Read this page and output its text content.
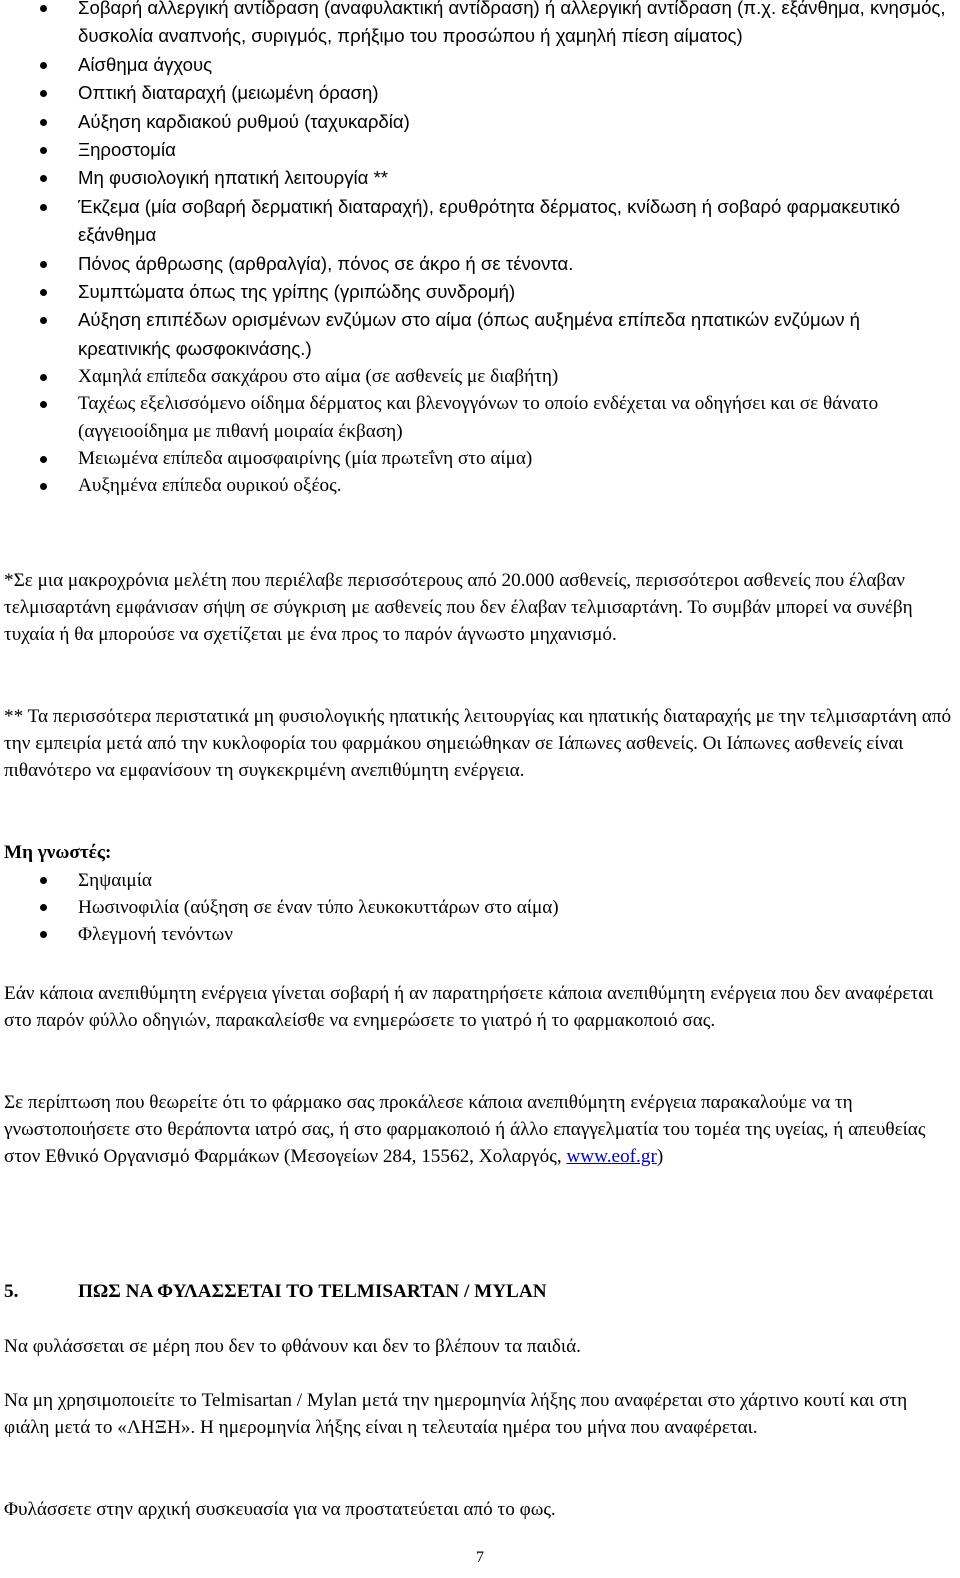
Σοβαρή αλλεργική αντίδραση (αναφυλακτική αντίδραση) ή αλλεργική αντίδραση (π.χ. εξάνθημα, κνησμός, δυσκολία αναπνοής, συριγμός, πρήξιμο του προσώπου ή χαμηλή πίεση αίματος)
Αίσθημα άγχους
Οπτική διαταραχή (μειωμένη όραση)
Αύξηση καρδιακού ρυθμού (ταχυκαρδία)
Ξηροστομία
Μη φυσιολογική ηπατική λειτουργία **
Έκζεμα (μία σοβαρή δερματική διαταραχή), ερυθρότητα δέρματος, κνίδωση ή σοβαρό φαρμακευτικό εξάνθημα
Πόνος άρθρωσης (αρθραλγία), πόνος σε άκρο ή σε τένοντα.
Συμπτώματα όπως της γρίπης (γριπώδης συνδρομή)
Αύξηση επιπέδων ορισμένων ενζύμων στο αίμα (όπως αυξημένα επίπεδα ηπατικών ενζύμων ή κρεατινικής φωσφοκινάσης.)
Χαμηλά επίπεδα σακχάρου στο αίμα (σε ασθενείς με διαβήτη)
Ταχέως εξελισσόμενο οίδημα δέρματος και βλενογγόνων το οποίο ενδέχεται να οδηγήσει και σε θάνατο (αγγειοοίδημα με πιθανή μοιραία έκβαση)
Μειωμένα επίπεδα αιμοσφαιρίνης (μία πρωτεΐνη στο αίμα)
Αυξημένα επίπεδα ουρικού οξέος.

*Σε μια μακροχρόνια μελέτη που περιέλαβε περισσότερους από 20.000 ασθενείς, περισσότεροι ασθενείς που έλαβαν τελμισαρτάνη εμφάνισαν σήψη σε σύγκριση με ασθενείς που δεν έλαβαν τελμισαρτάνη. Το συμβάν μπορεί να συνέβη τυχαία ή θα μπορούσε να σχετίζεται με ένα προς το παρόν άγνωστο μηχανισμό.

** Τα περισσότερα περιστατικά μη φυσιολογικής ηπατικής λειτουργίας και ηπατικής διαταραχής με την τελμισαρτάνη από την εμπειρία μετά από την κυκλοφορία του φαρμάκου σημειώθηκαν σε Ιάπωνες ασθενείς. Οι Ιάπωνες ασθενείς είναι πιθανότερο να εμφανίσουν τη συγκεκριμένη ανεπιθύμητη ενέργεια.

Μη γνωστές:

Σηψαιμία
Ηωσινοφιλία (αύξηση σε έναν τύπο λευκοκυττάρων στο αίμα)
Φλεγμονή τενόντων

Εάν κάποια ανεπιθύμητη ενέργεια γίνεται σοβαρή ή αν παρατηρήσετε κάποια ανεπιθύμητη ενέργεια που δεν αναφέρεται στο παρόν φύλλο οδηγιών, παρακαλείσθε να ενημερώσετε το γιατρό ή το φαρμακοποιό σας.

Σε περίπτωση που θεωρείτε ότι το φάρμακο σας προκάλεσε κάποια ανεπιθύμητη ενέργεια παρακαλούμε να τη γνωστοποιήσετε στο θεράποντα ιατρό σας, ή στο φαρμακοποιό ή άλλο επαγγελματία του τομέα της υγείας, ή απευθείας στον Εθνικό Οργανισμό Φαρμάκων (Μεσογείων 284, 15562, Χολαργός, www.eof.gr)

5.	ΠΩΣ ΝΑ ΦΥΛΑΣΣΕΤΑΙ ΤΟ TELMISARTAN / MYLAN

Να φυλάσσεται σε μέρη που δεν το φθάνουν και δεν το βλέπουν τα παιδιά.

Να μη χρησιμοποιείτε το Telmisartan / Mylan μετά την ημερομηνία λήξης που αναφέρεται στο χάρτινο κουτί και στη φιάλη μετά το «ΛΗΞΗ». Η ημερομηνία λήξης είναι η τελευταία ημέρα του μήνα που αναφέρεται.

Φυλάσσετε στην αρχική συσκευασία για να προστατεύεται από το φως.

7
